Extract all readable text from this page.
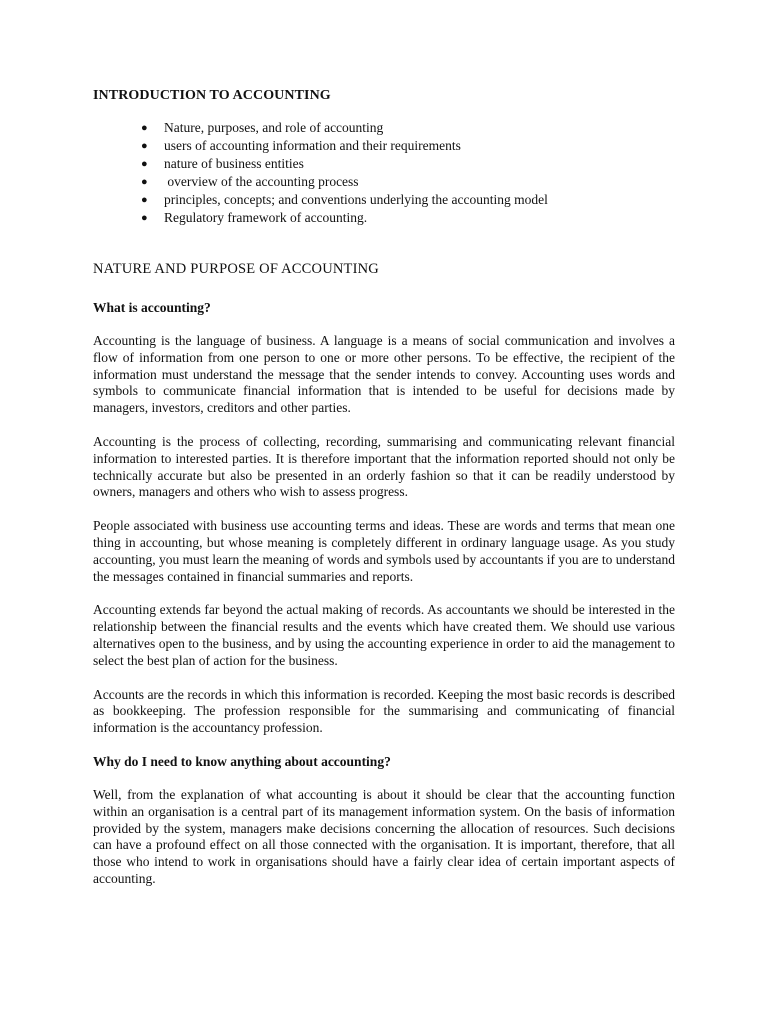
INTRODUCTION TO ACCOUNTING
● Nature, purposes, and role of accounting
● users of accounting information and their requirements
● nature of business entities
● overview of the accounting process
● principles, concepts; and conventions underlying the accounting model
● Regulatory framework of accounting.
NATURE AND PURPOSE OF ACCOUNTING
What is accounting?

Accounting is the language of business. A language is a means of social communication and involves a flow of information from one person to one or more other persons. To be effective, the recipient of the information must understand the message that the sender intends to convey. Accounting uses words and symbols to communicate financial information that is intended to be useful for decisions made by managers, investors, creditors and other parties.

Accounting is the process of collecting, recording, summarising and communicating relevant financial information to interested parties. It is therefore important that the information reported should not only be technically accurate but also be presented in an orderly fashion so that it can be readily understood by owners, managers and others who wish to assess progress.

People associated with business use accounting terms and ideas. These are words and terms that mean one thing in accounting, but whose meaning is completely different in ordinary language usage. As you study accounting, you must learn the meaning of words and symbols used by accountants if you are to understand the messages contained in financial summaries and reports.

Accounting extends far beyond the actual making of records. As accountants we should be interested in the relationship between the financial results and the events which have created them. We should use various alternatives open to the business, and by using the accounting experience in order to aid the management to select the best plan of action for the business.

Accounts are the records in which this information is recorded. Keeping the most basic records is described as bookkeeping. The profession responsible for the summarising and communicating of financial information is the accountancy profession.

Why do I need to know anything about accounting?

Well, from the explanation of what accounting is about it should be clear that the accounting function within an organisation is a central part of its management information system. On the basis of information provided by the system, managers make decisions concerning the allocation of resources. Such decisions can have a profound effect on all those connected with the organisation. It is important, therefore, that all those who intend to work in organisations should have a fairly clear idea of certain important aspects of accounting.
